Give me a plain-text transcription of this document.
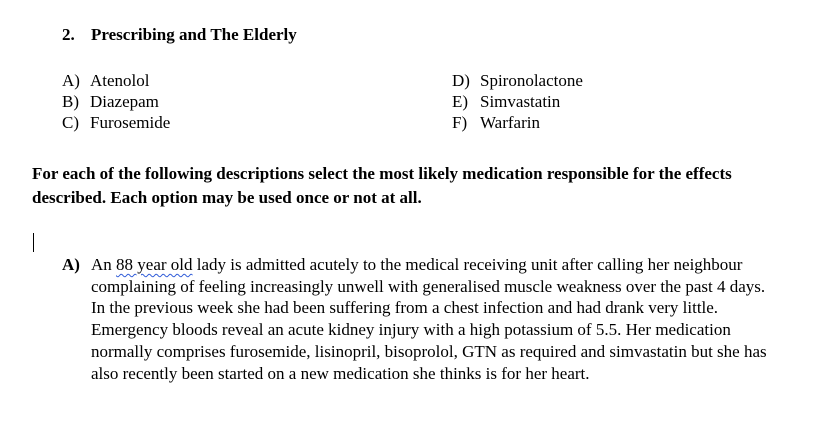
2. Prescribing and The Elderly
A) Atenolol
B) Diazepam
C) Furosemide
D) Spironolactone
E) Simvastatin
F) Warfarin
For each of the following descriptions select the most likely medication responsible for the effects described. Each option may be used once or not at all.
A) An 88 year old lady is admitted acutely to the medical receiving unit after calling her neighbour complaining of feeling increasingly unwell with generalised muscle weakness over the past 4 days. In the previous week she had been suffering from a chest infection and had drank very little. Emergency bloods reveal an acute kidney injury with a high potassium of 5.5. Her medication normally comprises furosemide, lisinopril, bisoprolol, GTN as required and simvastatin but she has also recently been started on a new medication she thinks is for her heart.
